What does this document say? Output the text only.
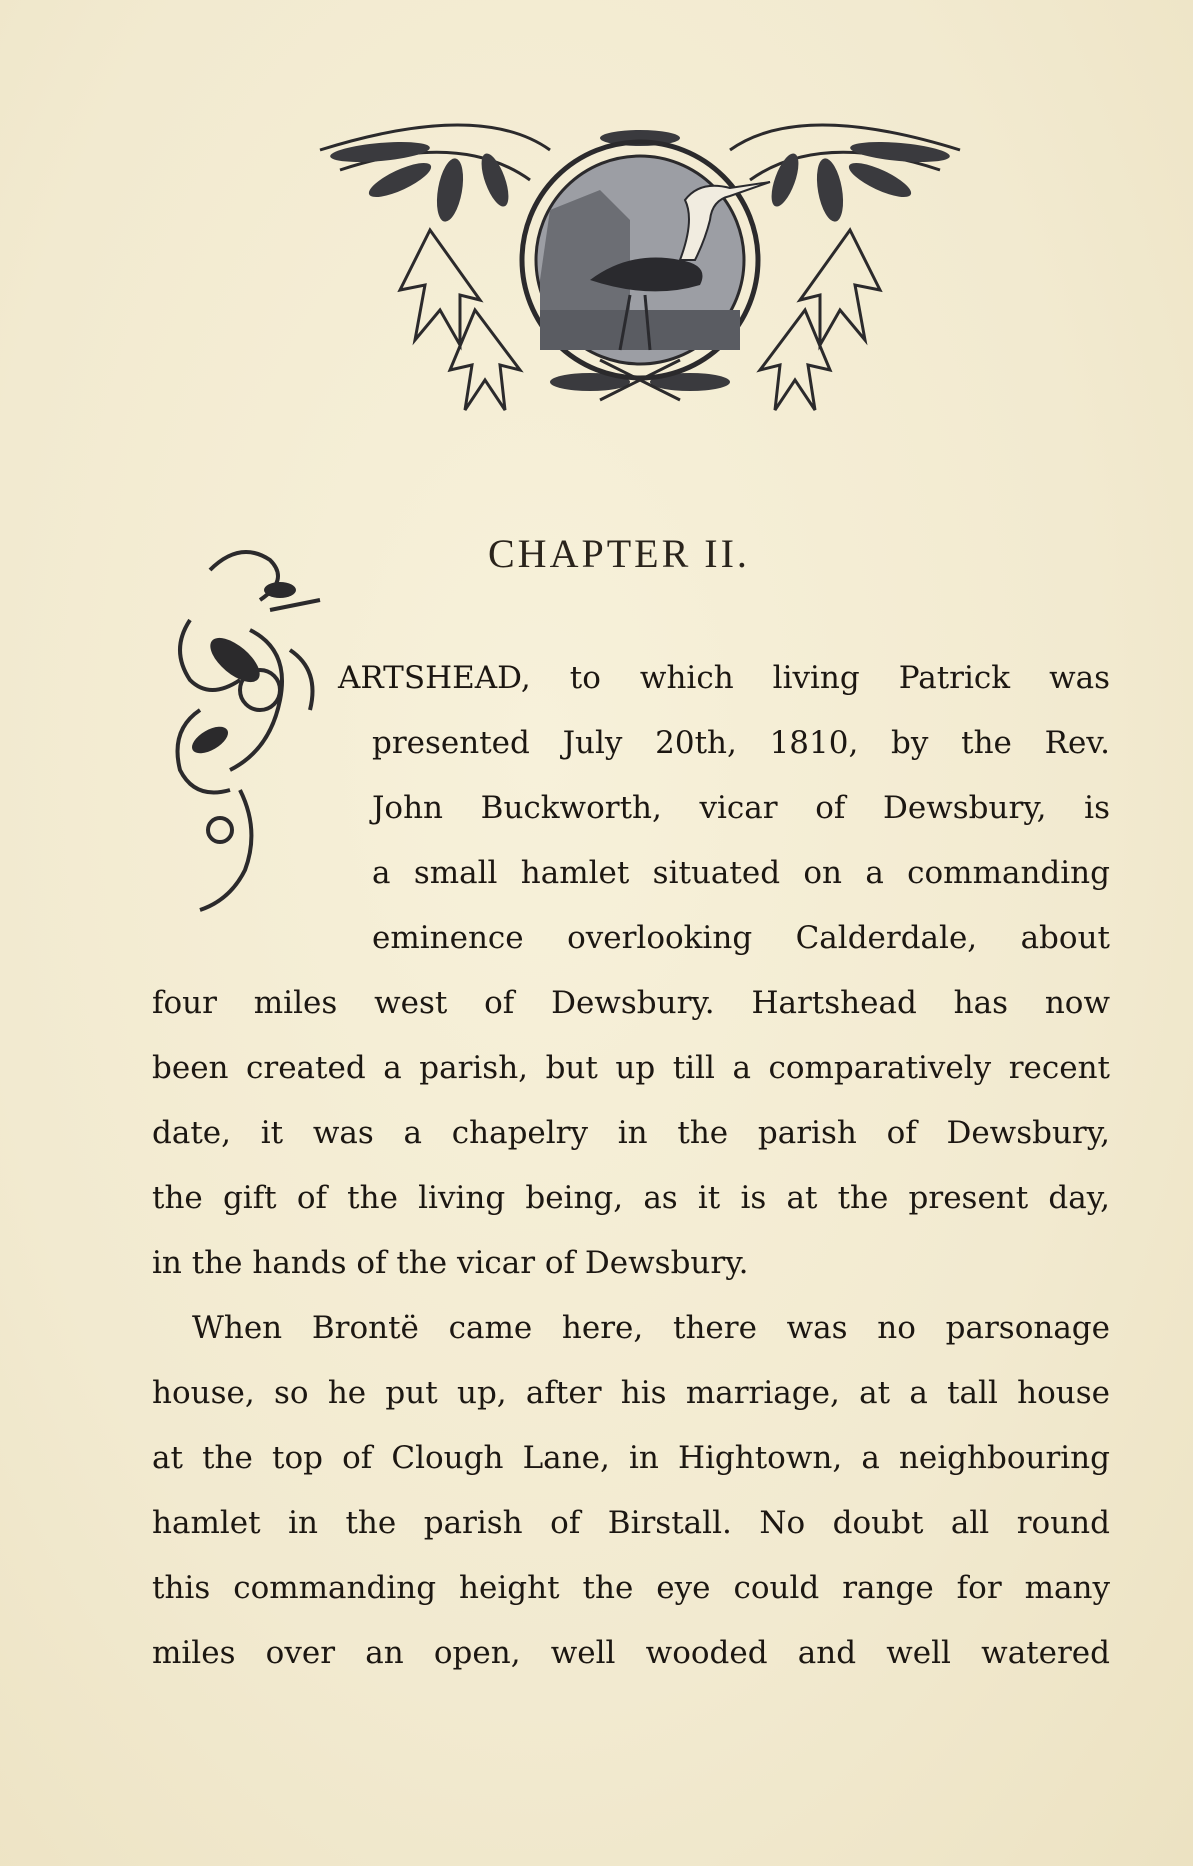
CHAPTER II.
ARTSHEAD, to which living Patrick was
presented July 20th, 1810, by the Rev.
John Buckworth, vicar of Dewsbury, is
a small hamlet situated on a commanding
eminence overlooking Calderdale, about
four miles west of Dewsbury. Hartshead has now
been created a parish, but up till a comparatively recent
date, it was a chapelry in the parish of Dewsbury,
the gift of the living being, as it is at the present day,
in the hands of the vicar of Dewsbury.
When Brontë came here, there was no parsonage
house, so he put up, after his marriage, at a tall house
at the top of Clough Lane, in Hightown, a neighbouring
hamlet in the parish of Birstall. No doubt all round
this commanding height the eye could range for many
miles over an open, well wooded and well watered
